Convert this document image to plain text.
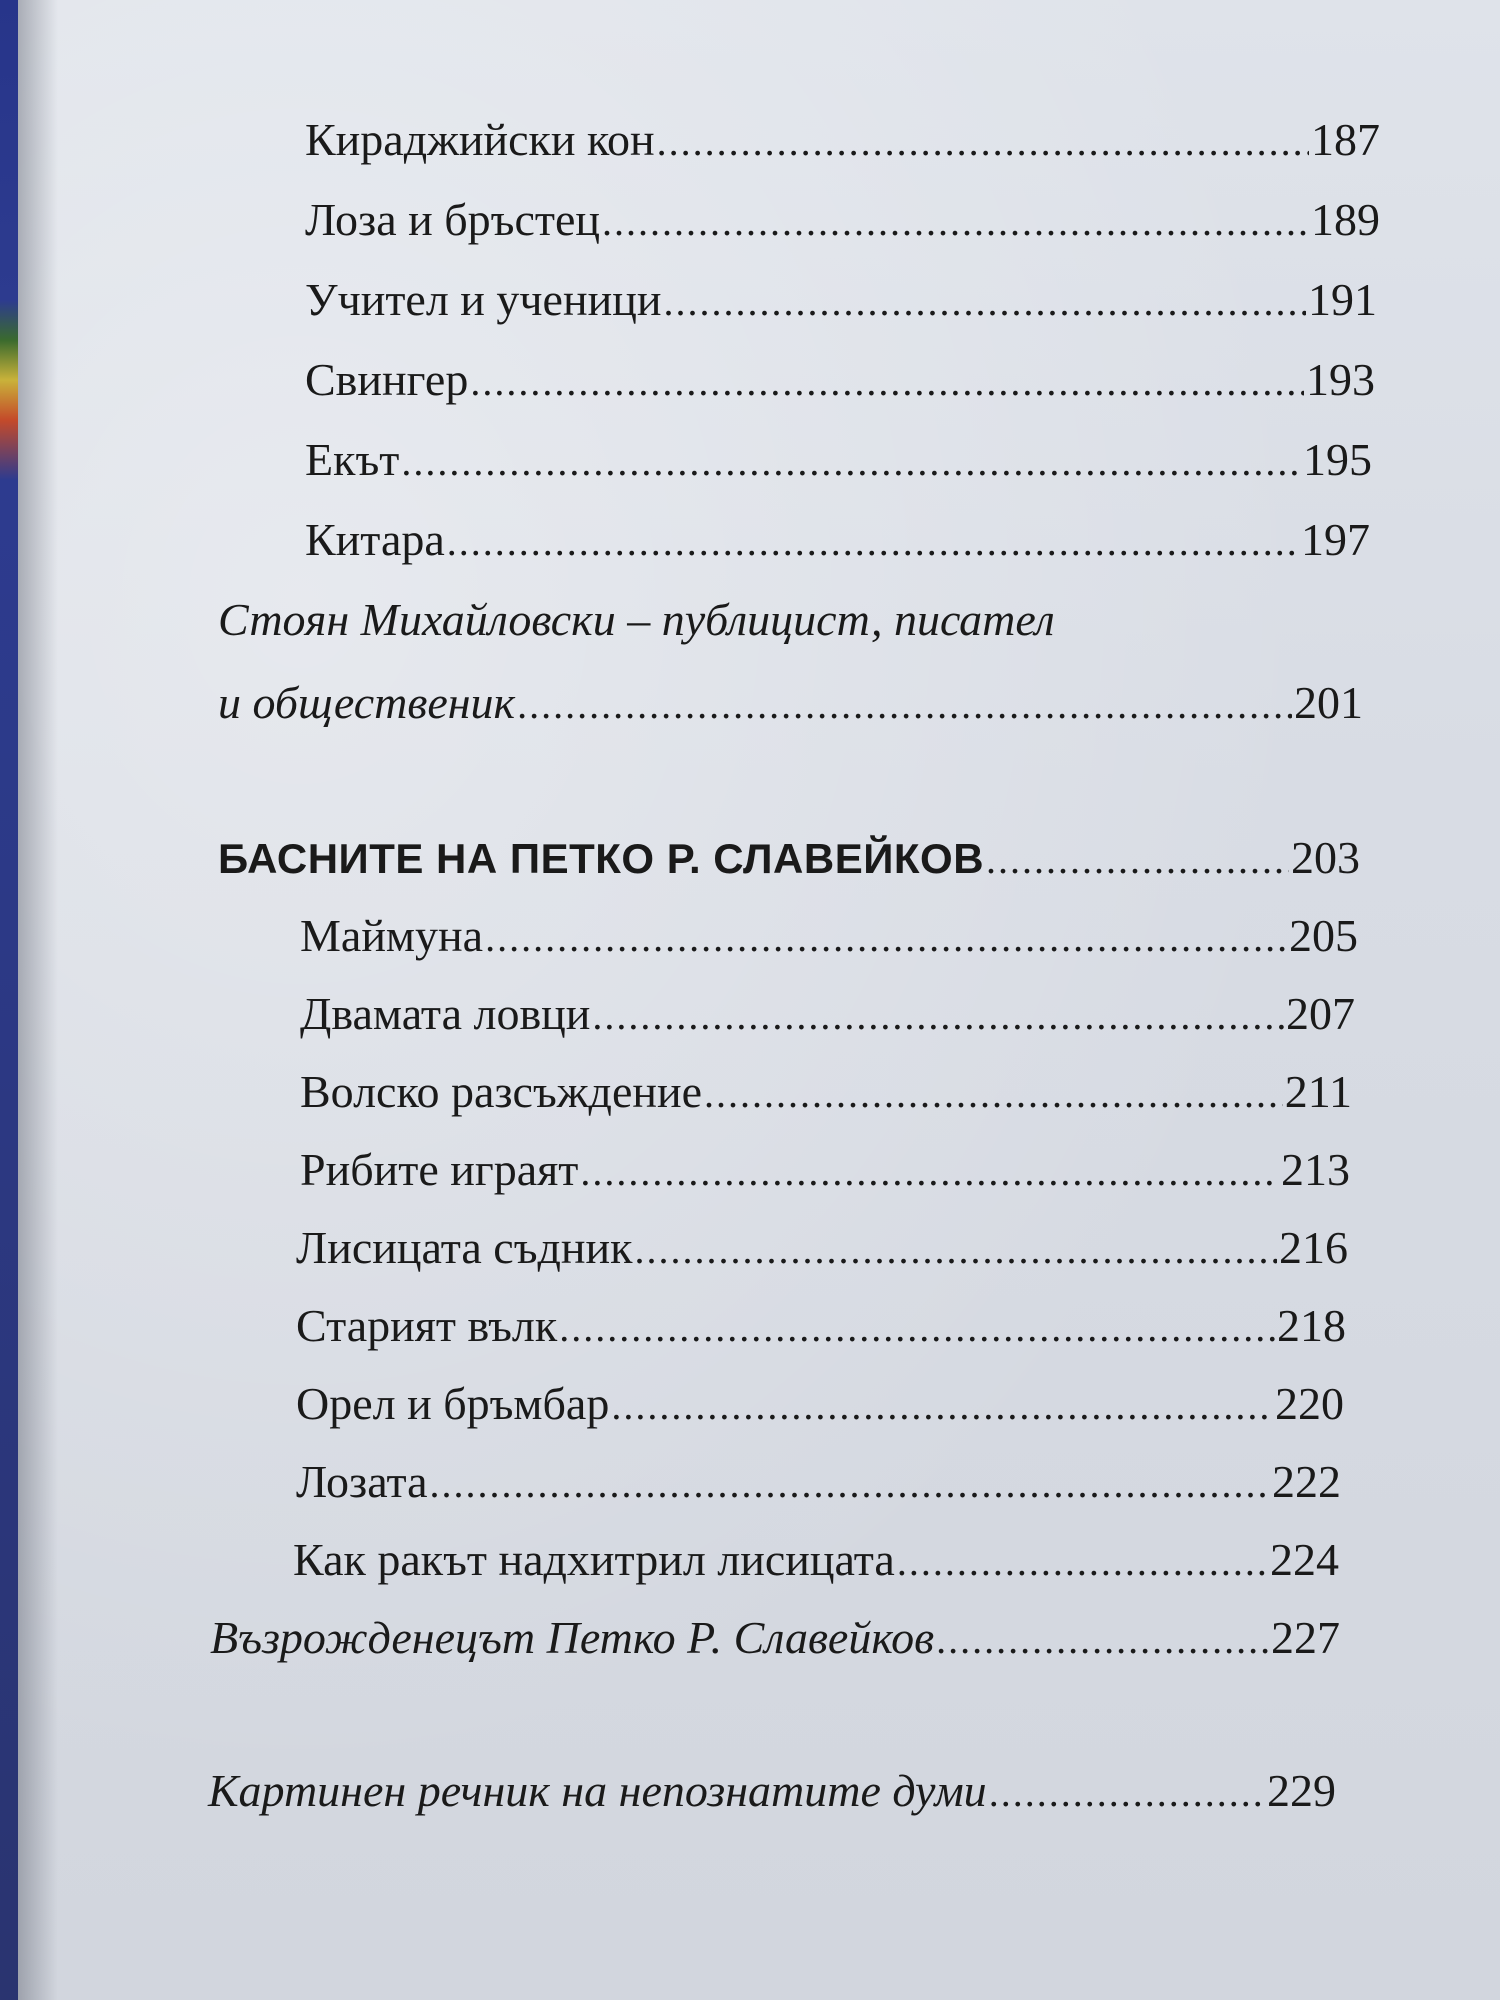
Кираджийски кон .....	187
Лоза и бръстец .....	189
Учител и ученици .....	191
Свингер .....	193
Екът .....	195
Китара .....	197
Стоян Михайловски – публицист, писател
и общественик .....	201
БАСНИТЕ НА ПЕТКО Р. СЛАВЕЙКОВ .....	203
Маймуна .....	205
Двамата ловци .....	207
Волско разсъждение .....	211
Рибите играят .....	213
Лисицата съдник .....	216
Старият вълк .....	218
Орел и бръмбар .....	220
Лозата .....	222
Как ракът надхитрил лисицата .....	224
Възрожденецът Петко Р. Славейков .....	227
Картинен речник на непознатите думи .....	229
